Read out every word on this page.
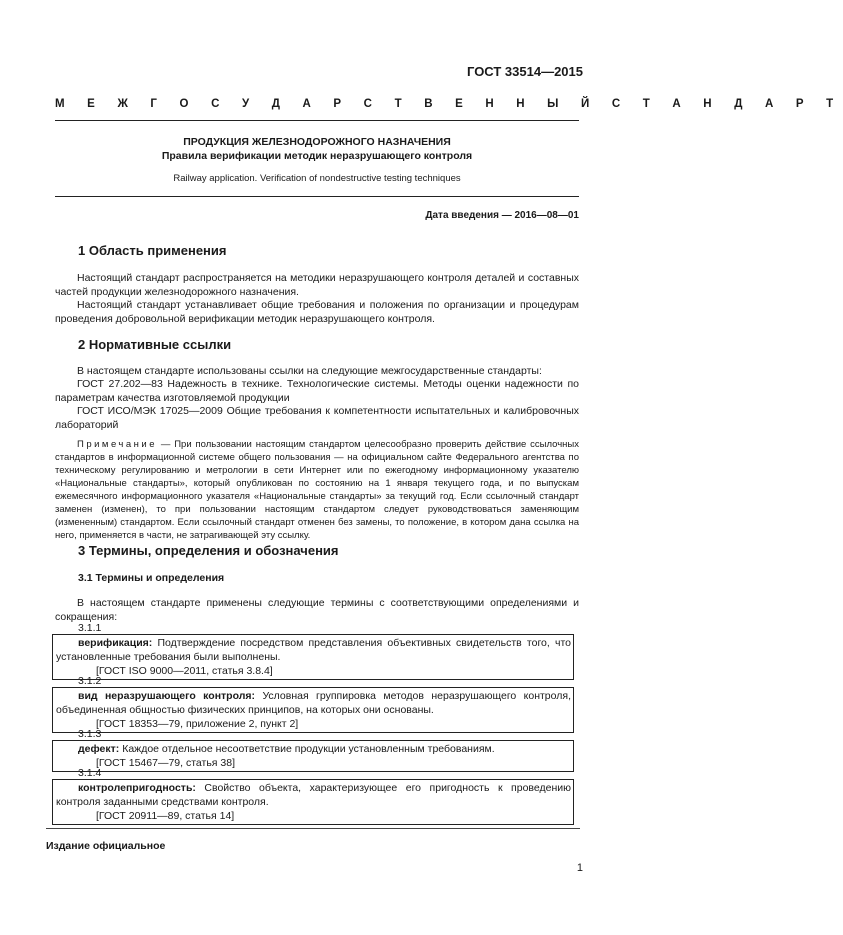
ГОСТ 33514—2015
М Е Ж Г О С У Д А Р С Т В Е Н Н Ы Й С Т А Н Д А Р Т
ПРОДУКЦИЯ ЖЕЛЕЗНОДОРОЖНОГО НАЗНАЧЕНИЯ
Правила верификации методик неразрушающего контроля
Railway application. Verification of nondestructive testing techniques
Дата введения — 2016—08—01
1 Область применения
Настоящий стандарт распространяется на методики неразрушающего контроля деталей и составных частей продукции железнодорожного назначения.
Настоящий стандарт устанавливает общие требования и положения по организации и процедурам проведения добровольной верификации методик неразрушающего контроля.
2 Нормативные ссылки
В настоящем стандарте использованы ссылки на следующие межгосударственные стандарты:
ГОСТ 27.202—83 Надежность в технике. Технологические системы. Методы оценки надежности по параметрам качества изготовляемой продукции
ГОСТ ИСО/МЭК 17025—2009 Общие требования к компетентности испытательных и калибровочных лабораторий
Примечание — При пользовании настоящим стандартом целесообразно проверить действие ссылочных стандартов в информационной системе общего пользования — на официальном сайте Федерального агентства по техническому регулированию и метрологии в сети Интернет или по ежегодному информационному указателю «Национальные стандарты», который опубликован по состоянию на 1 января текущего года, и по выпускам ежемесячного информационного указателя «Национальные стандарты» за текущий год. Если ссылочный стандарт заменен (изменен), то при пользовании настоящим стандартом следует руководствоваться заменяющим (измененным) стандартом. Если ссылочный стандарт отменен без замены, то положение, в котором дана ссылка на него, применяется в части, не затрагивающей эту ссылку.
3 Термины, определения и обозначения
3.1 Термины и определения
В настоящем стандарте применены следующие термины с соответствующими определениями и сокращения:
3.1.1
верификация: Подтверждение посредством представления объективных свидетельств того, что установленные требования были выполнены.
[ГОСТ ISO 9000—2011, статья 3.8.4]
3.1.2
вид неразрушающего контроля: Условная группировка методов неразрушающего контроля, объединенная общностью физических принципов, на которых они основаны.
[ГОСТ 18353—79, приложение 2, пункт 2]
3.1.3
дефект: Каждое отдельное несоответствие продукции установленным требованиям.
[ГОСТ 15467—79, статья 38]
3.1.4
контролепригодность: Свойство объекта, характеризующее его пригодность к проведению контроля заданными средствами контроля.
[ГОСТ 20911—89, статья 14]
Издание официальное
1
